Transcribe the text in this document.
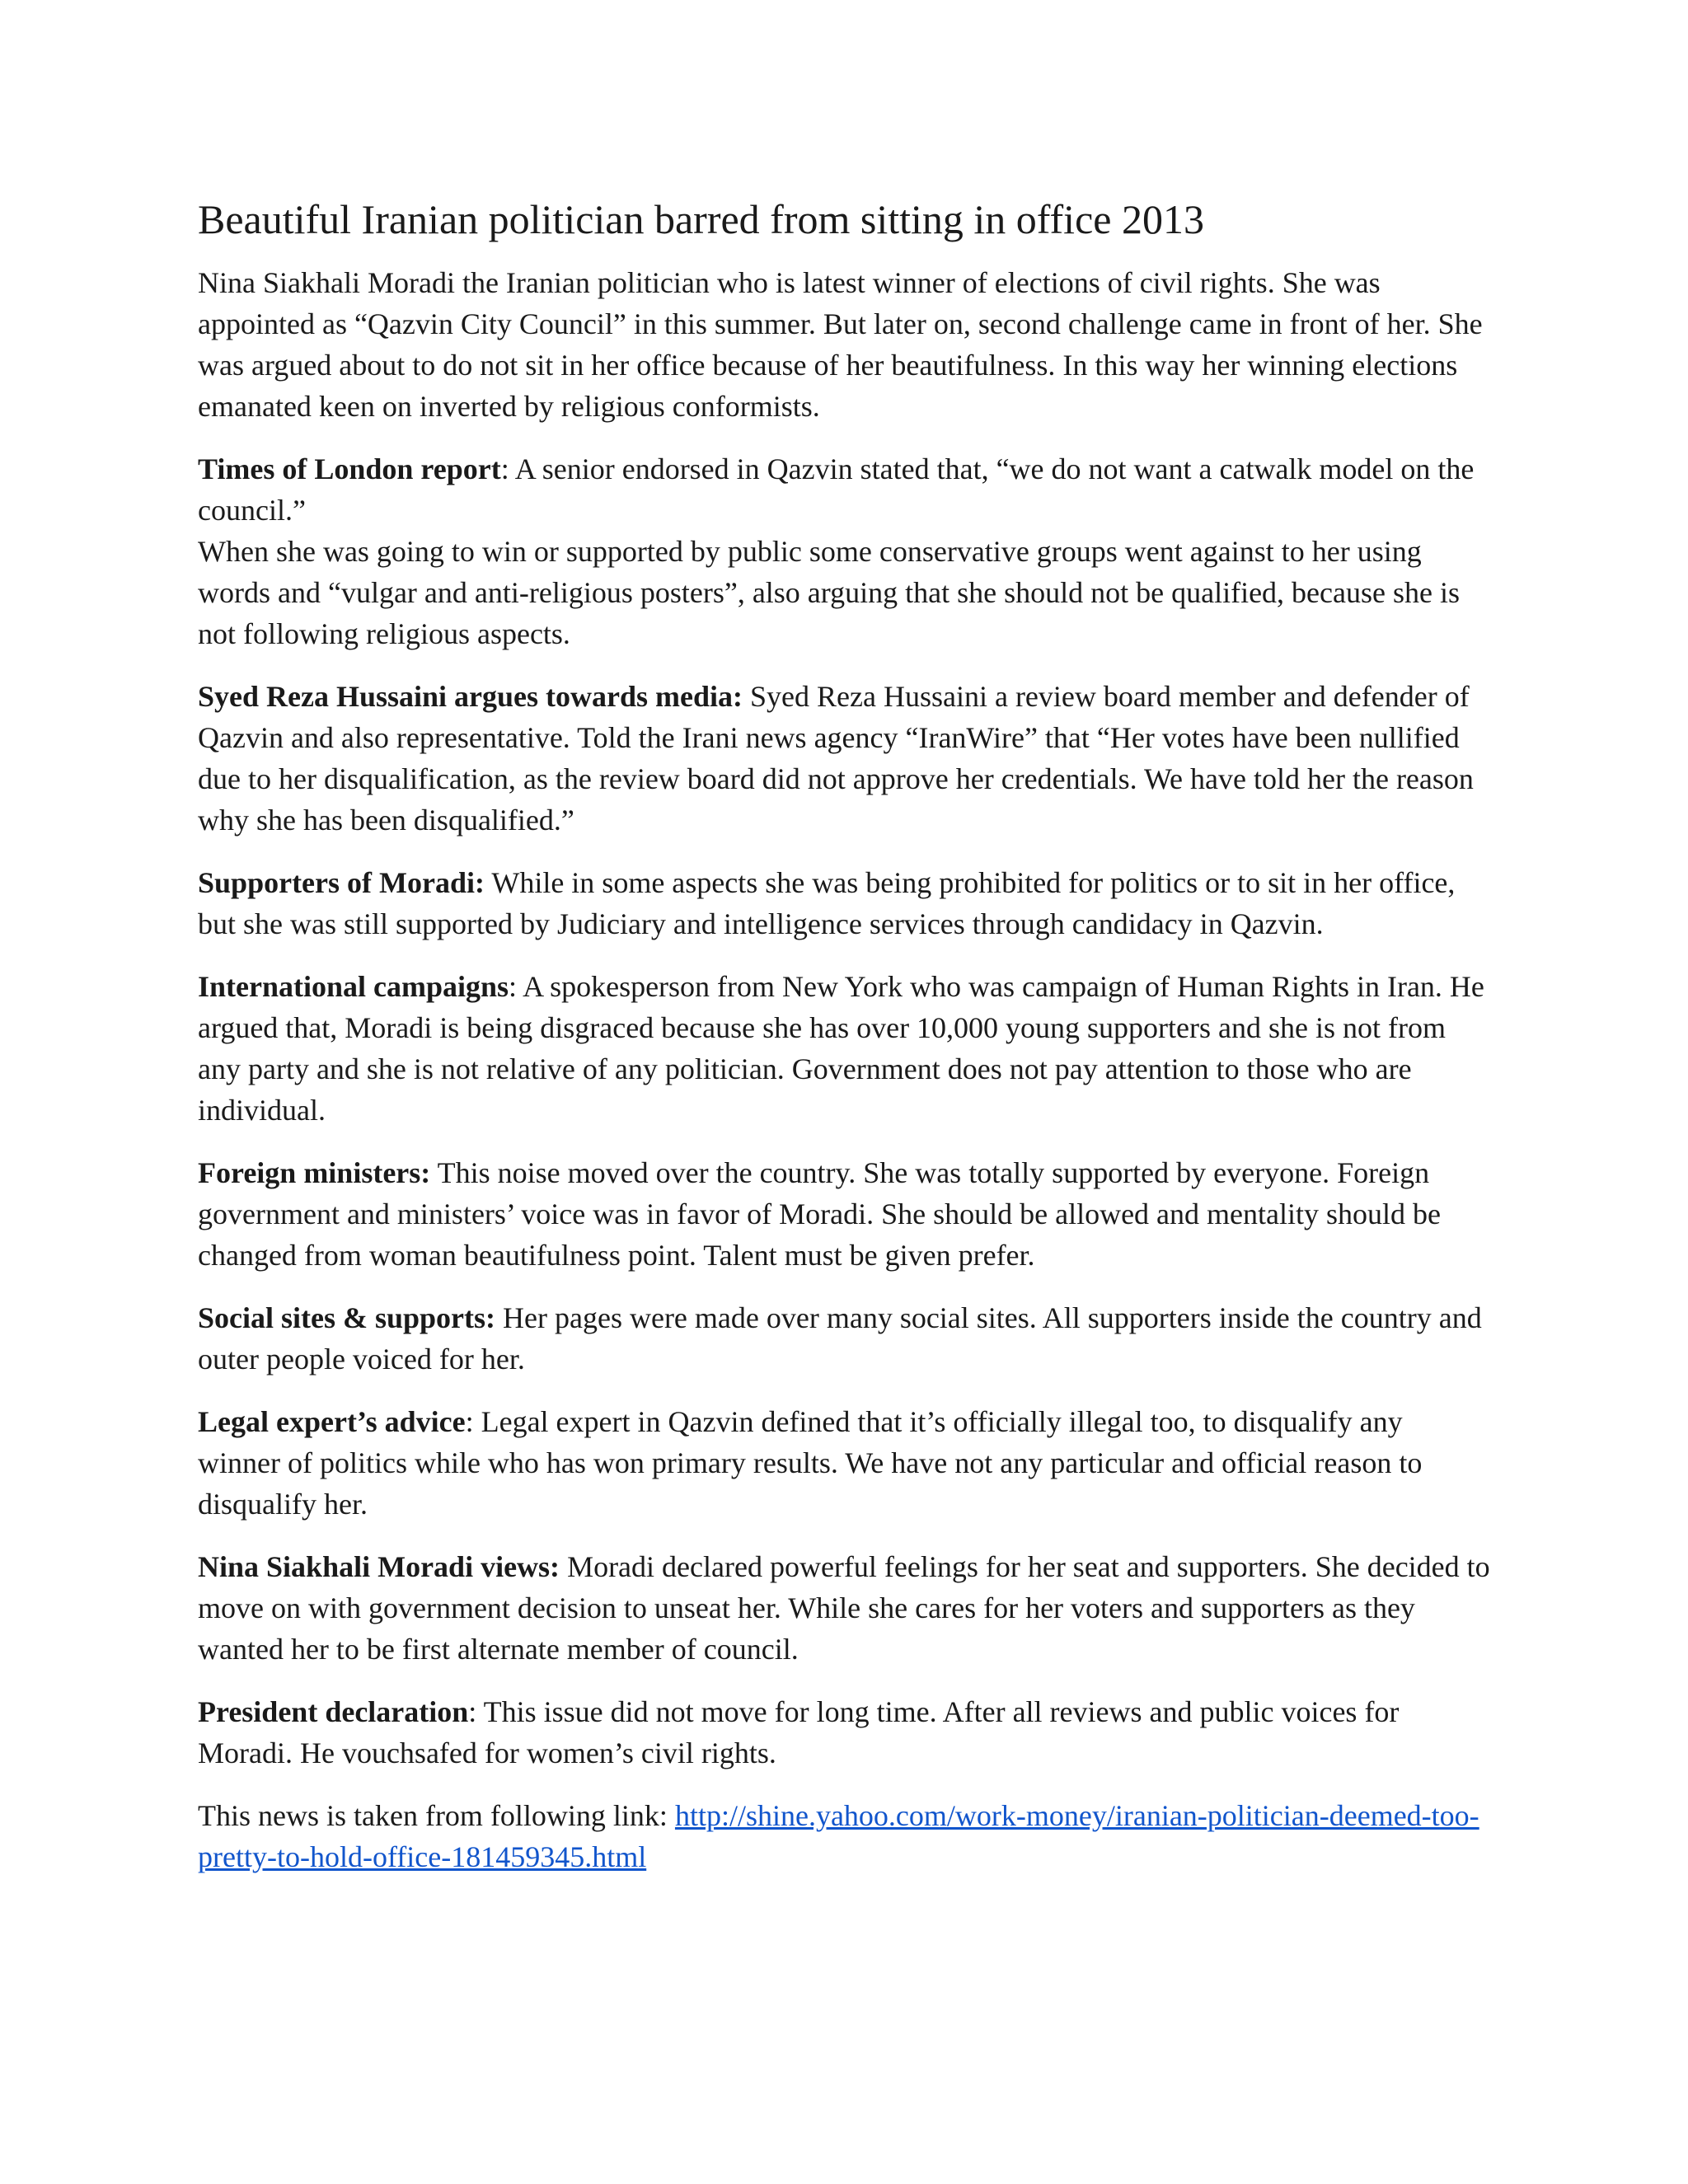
Beautiful Iranian politician barred from sitting in office 2013

Nina Siakhali Moradi the Iranian politician who is latest winner of elections of civil rights. She was appointed as “Qazvin City Council” in this summer. But later on, second challenge came in front of her. She was argued about to do not sit in her office because of her beautifulness. In this way her winning elections emanated keen on inverted by religious conformists.

Times of London report: A senior endorsed in Qazvin stated that, “we do not want a catwalk model on the council.”

When she was going to win or supported by public some conservative groups went against to her using words and “vulgar and anti-religious posters”, also arguing that she should not be qualified, because she is not following religious aspects.

Syed Reza Hussaini argues towards media: Syed Reza Hussaini a review board member and defender of Qazvin and also representative. Told the Irani news agency “IranWire” that “Her votes have been nullified due to her disqualification, as the review board did not approve her credentials. We have told her the reason why she has been disqualified.”

Supporters of Moradi: While in some aspects she was being prohibited for politics or to sit in her office, but she was still supported by Judiciary and intelligence services through candidacy in Qazvin.

International campaigns: A spokesperson from New York who was campaign of Human Rights in Iran. He argued that, Moradi is being disgraced because she has over 10,000 young supporters and she is not from any party and she is not relative of any politician. Government does not pay attention to those who are individual.

Foreign ministers: This noise moved over the country. She was totally supported by everyone. Foreign government and ministers’ voice was in favor of Moradi. She should be allowed and mentality should be changed from woman beautifulness point. Talent must be given prefer.

Social sites & supports: Her pages were made over many social sites. All supporters inside the country and outer people voiced for her.

Legal expert’s advice: Legal expert in Qazvin defined that it’s officially illegal too, to disqualify any winner of politics while who has won primary results. We have not any particular and official reason to disqualify her.

Nina Siakhali Moradi views: Moradi declared powerful feelings for her seat and supporters. She decided to move on with government decision to unseat her. While she cares for her voters and supporters as they wanted her to be first alternate member of council.

President declaration: This issue did not move for long time. After all reviews and public voices for Moradi. He vouchsafed for women’s civil rights.

This news is taken from following link: http://shine.yahoo.com/work-money/iranian-politician-deemed-too-pretty-to-hold-office-181459345.html
